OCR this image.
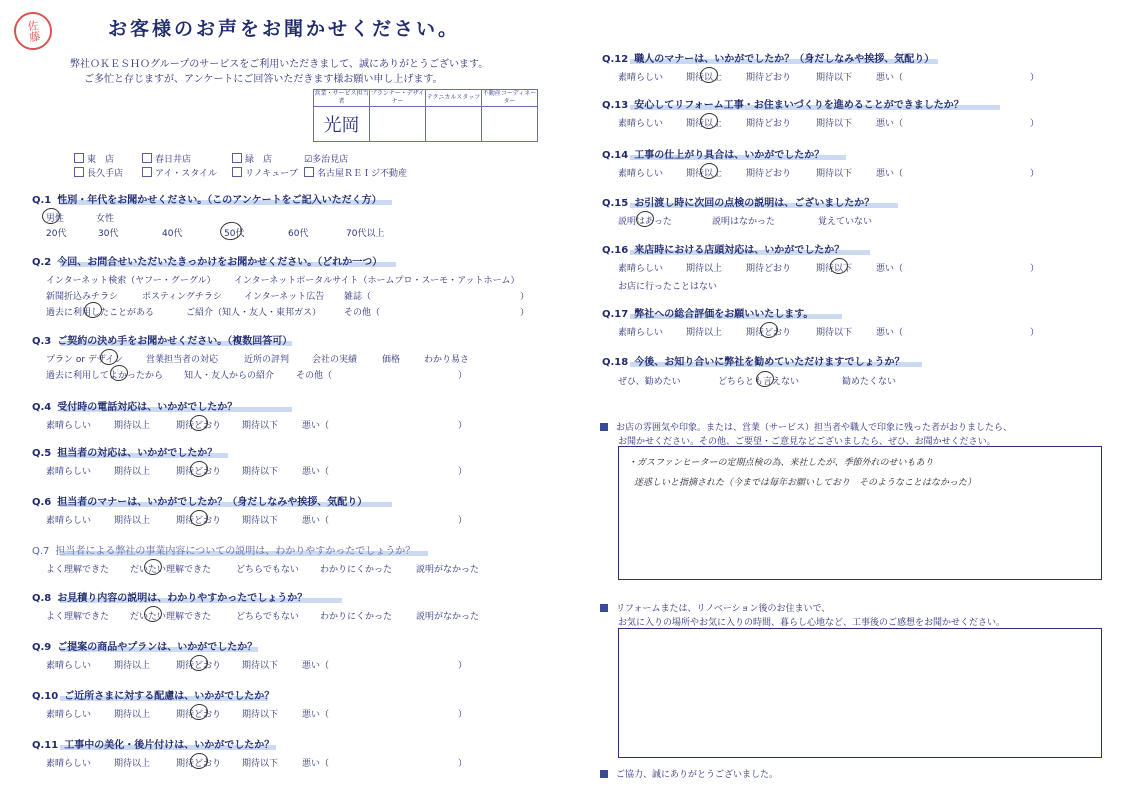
佐藤	お客様のお声をお聞かせください。
弊社ＯＫＥＳＨＯグループのサービスをご利用いただきまして、誠にありがとうございます。
ご多忙と存じますが、アンケートにご回答いただきます様お願い申し上げます。
営業・サービス担当者	プランナー・デザイナー	テクニカルスタッフ	不動産コーディネーター
光岡			
東　店	春日井店	緑　店	☑多治見店
長久手店	アイ・スタイル	リノキューブ	名古屋ＲＥＩジ不動産
Q.1 性別・年代をお聞かせください。（このアンケートをご記入いただく方）
男性	女性
20代	30代	40代	50代	60代	70代以上
Q.2 今回、お問合せいただいたきっかけをお聞かせください。（どれか一つ）
インターネット検索（ヤフー・グーグル） インターネットポータルサイト（ホームプロ・スーモ・アットホーム）
新聞折込みチラシ	ポスティングチラシ インターネット広告 雑誌（	）
過去に利用したことがある	ご紹介（知人・友人・東邦ガス）	その他（	）
Q.3 ご契約の決め手をお聞かせください。（複数回答可）
プラン or デザイン	営業担当者の対応	近所の評判	会社の実績	価格	わかり易さ
過去に利用してよかったから 知人・友人からの紹介 その他（	）
Q.4 受付時の電話対応は、いかがでしたか？
素晴らしい	期待以上	期待どおり 期待以下	悪い（	）
Q.5 担当者の対応は、いかがでしたか？
素晴らしい	期待以上	期待どおり 期待以下	悪い（	）
Q.6 担当者のマナーは、いかがでしたか？（身だしなみや挨拶、気配り）
素晴らしい	期待以上	期待どおり 期待以下	悪い（	）
Q.7 担当者による弊社の事業内容についての説明は、わかりやすかったでしょうか？
よく理解できた だいたい理解できた	どちらでもない わかりにくかった	説明がなかった
Q.8 お見積り内容の説明は、わかりやすかったでしょうか？
よく理解できた だいたい理解できた	どちらでもない わかりにくかった	説明がなかった
Q.9 ご提案の商品やプランは、いかがでしたか？
素晴らしい	期待以上	期待どおり 期待以下	悪い（	）
Q.10 ご近所さまに対する配慮は、いかがでしたか？
素晴らしい	期待以上	期待どおり 期待以下	悪い（	）
Q.11 工事中の美化・後片付けは、いかがでしたか？
素晴らしい	期待以上	期待どおり 期待以下	悪い（	）
Q.12 職人のマナーは、いかがでしたか？（身だしなみや挨拶、気配り）
素晴らしい	期待以上	期待どおり	期待以下	悪い（	）
Q.13 安心してリフォーム工事・お住まいづくりを進めることができましたか？
素晴らしい	期待以上	期待どおり	期待以下	悪い（	）
Q.14 工事の仕上がり具合は、いかがでしたか？
素晴らしい	期待以上	期待どおり	期待以下	悪い（	）
Q.16 来店時における店頭対応は、いかがでしたか？
素晴らしい	期待以上	期待どおり	期待以下	悪い（	）
Q.17 弊社への総合評価をお願いいたします。
素晴らしい	期待以上	期待どおり	期待以下	悪い（	）
Q.15 お引渡し時に次回の点検の説明は、ございましたか？
説明はあった	説明はなかった	覚えていない
お店に行ったことはない
Q.18 今後、お知り合いに弊社を勧めていただけますでしょうか？
ぜひ、勧めたい	どちらとも言えない	勧めたくない
お店の雰囲気や印象。または、営業（サービス）担当者や職人で印象に残った者がおりましたら、
お聞かせください。その他、ご要望・ご意見などございましたら、ぜひ、お聞かせください。
・ガスファンヒーターの定期点検の為、来社したが、季節外れのせいもあり
迷惑しいと指摘された（今までは毎年お願いしており　そのようなことはなかった）
リフォームまたは、リノベーション後のお住まいで、
お気に入りの場所やお気に入りの時間、暮らし心地など、工事後のご感想をお聞かせください。
ご協力、誠にありがとうございました。
